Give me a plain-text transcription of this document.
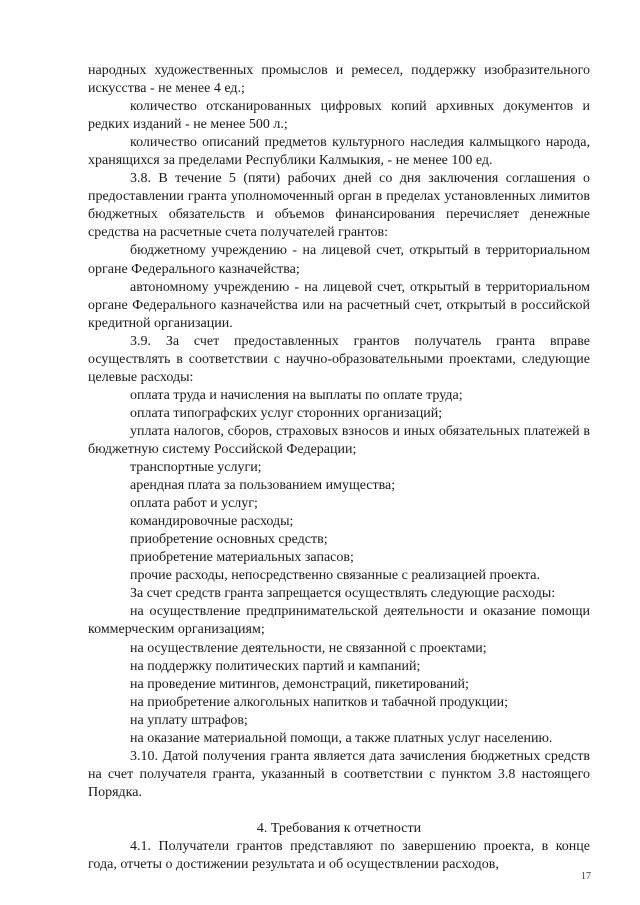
народных художественных промыслов и ремесел, поддержку изобразительного искусства - не менее 4 ед.;

количество отсканированных цифровых копий архивных документов и редких изданий - не менее 500 л.;

количество описаний предметов культурного наследия калмыцкого народа, хранящихся за пределами Республики Калмыкия, - не менее 100 ед.

3.8. В течение 5 (пяти) рабочих дней со дня заключения соглашения о предоставлении гранта уполномоченный орган в пределах установленных лимитов бюджетных обязательств и объемов финансирования перечисляет денежные средства на расчетные счета получателей грантов:

бюджетному учреждению - на лицевой счет, открытый в территориальном органе Федерального казначейства;

автономному учреждению - на лицевой счет, открытый в территориальном органе Федерального казначейства или на расчетный счет, открытый в российской кредитной организации.

3.9. За счет предоставленных грантов получатель гранта вправе осуществлять в соответствии с научно-образовательными проектами, следующие целевые расходы:

оплата труда и начисления на выплаты по оплате труда;

оплата типографских услуг сторонних организаций;

уплата налогов, сборов, страховых взносов и иных обязательных платежей в бюджетную систему Российской Федерации;

транспортные услуги;

арендная плата за пользованием имущества;

оплата работ и услуг;

командировочные расходы;

приобретение основных средств;

приобретение материальных запасов;

прочие расходы, непосредственно связанные с реализацией проекта.

За счет средств гранта запрещается осуществлять следующие расходы:

на осуществление предпринимательской деятельности и оказание помощи коммерческим организациям;

на осуществление деятельности, не связанной с проектами;

на поддержку политических партий и кампаний;

на проведение митингов, демонстраций, пикетирований;

на приобретение алкогольных напитков и табачной продукции;

на уплату штрафов;

на оказание материальной помощи, а также платных услуг населению.

3.10. Датой получения гранта является дата зачисления бюджетных средств на счет получателя гранта, указанный в соответствии с пунктом 3.8 настоящего Порядка.

4. Требования к отчетности

4.1. Получатели грантов представляют по завершению проекта, в конце года, отчеты о достижении результата и об осуществлении расходов,

17
